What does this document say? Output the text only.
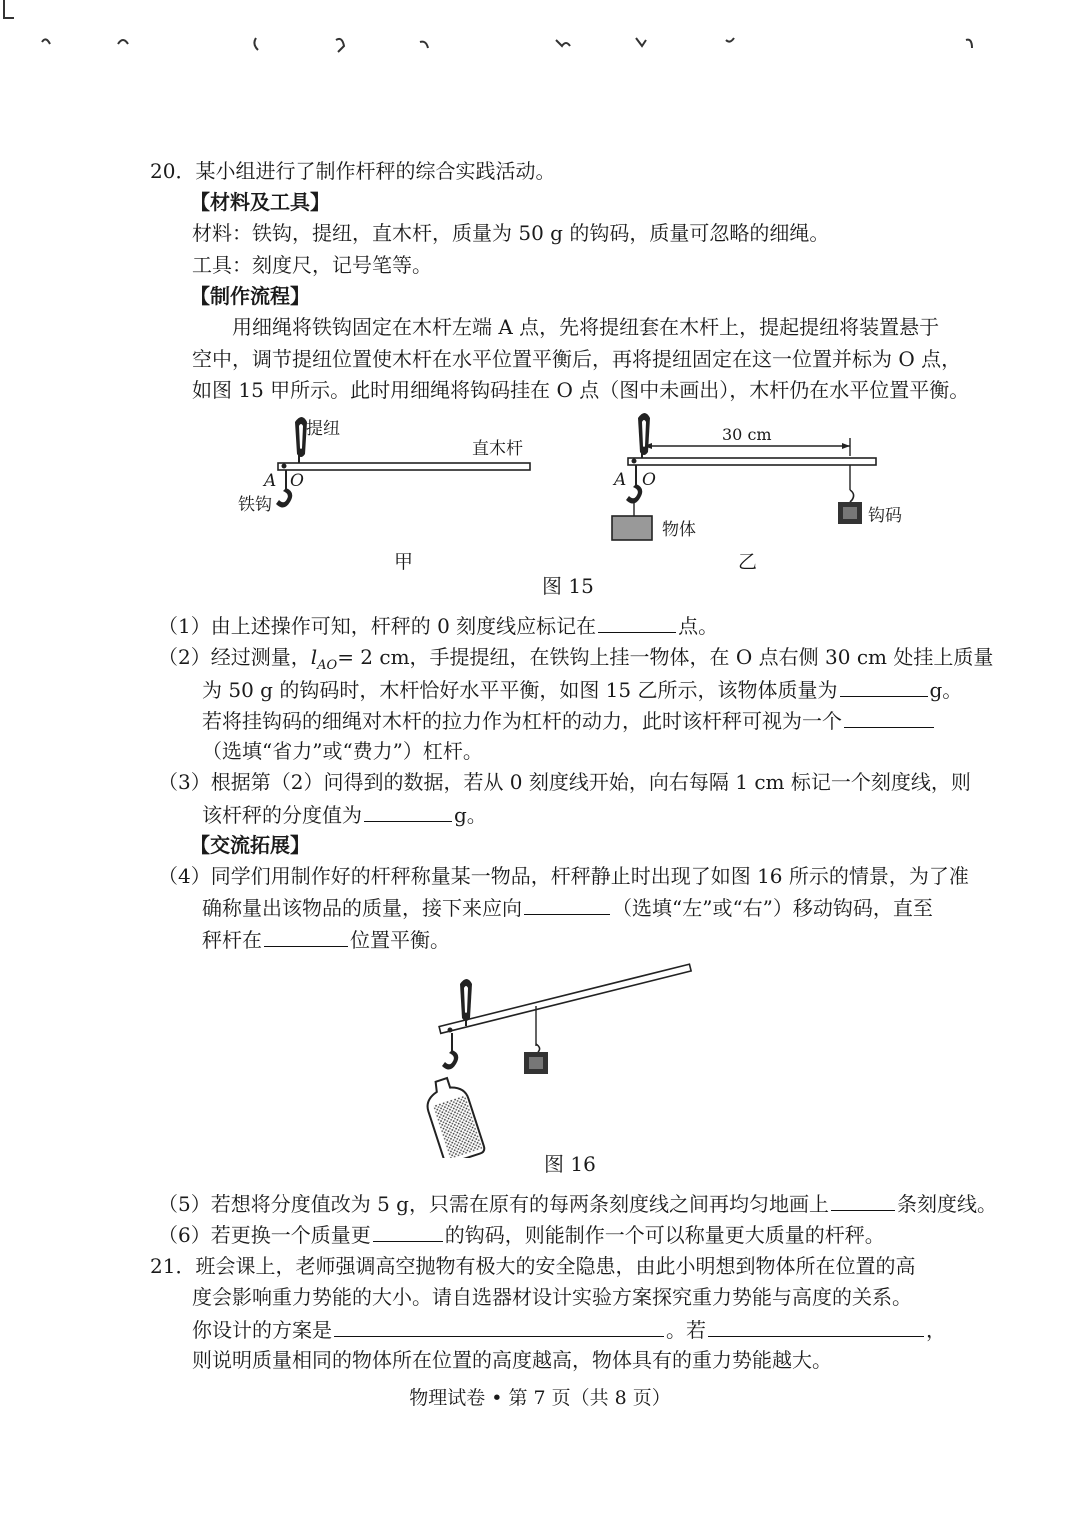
20．某小组进行了制作杆秤的综合实践活动。
【材料及工具】
材料：铁钩，提纽，直木杆，质量为 50 g 的钩码，质量可忽略的细绳。
工具：刻度尺，记号笔等。
【制作流程】
用细绳将铁钩固定在木杆左端 A 点，先将提纽套在木杆上，提起提纽将装置悬于
空中，调节提纽位置使木杆在水平位置平衡后，再将提纽固定在这一位置并标为 O 点，
如图 15 甲所示。此时用细绳将钩码挂在 O 点（图中未画出），木杆仍在水平位置平衡。
提纽
直木杆
A O
铁钩
甲
30 cm
物体
钩码
A O
乙
图 15
（1）由上述操作可知，杆秤的 0 刻度线应标记在	点。
（2）经过测量，$l_{AO}= 2$ cm，手提提纽，在铁钩上挂一物体，在 O 点右侧 30 cm 处挂上质量
为 50 g 的钩码时，木杆恰好水平平衡，如图 15 乙所示，该物体质量为	g。
若将挂钩码的细绳对木杆的拉力作为杠杆的动力，此时该杆秤可视为一个
（选填“省力”或“费力”）杠杆。
（3）根据第（2）问得到的数据，若从 0 刻度线开始，向右每隔 1 cm 标记一个刻度线，则
该杆秤的分度值为	g。
【交流拓展】
（4）同学们用制作好的杆秤称量某一物品，杆秤静止时出现了如图 16 所示的情景，为了准
确称量出该物品的质量，接下来应向	（选填“左”或“右”）移动钩码，直至
秤杆在	位置平衡。
图 16
（5）若想将分度值改为 5 g，只需在原有的每两条刻度线之间再均匀地画上	条刻度线。
（6）若更换一个质量更	的钩码，则能制作一个可以称量更大质量的杆秤。
21．班会课上，老师强调高空抛物有极大的安全隐患，由此小明想到物体所在位置的高
度会影响重力势能的大小。请自选器材设计实验方案探究重力势能与高度的关系。
你设计的方案是	。若	，
则说明质量相同的物体所在位置的高度越高，物体具有的重力势能越大。
物理试卷 • 第 7 页（共 8 页）
